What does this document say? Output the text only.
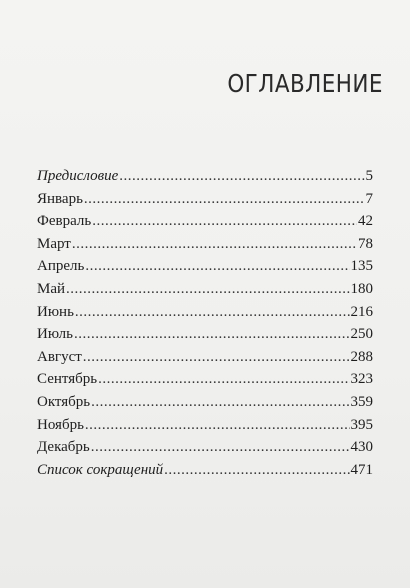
ОГЛАВЛЕНИЕ
Предисловие .....	5
Январь .....	7
Февраль .....	42
Март .....	78
Апрель .....	135
Май .....	180
Июнь .....	216
Июль .....	250
Август .....	288
Сентябрь .....	323
Октябрь .....	359
Ноябрь .....	395
Декабрь .....	430
Список сокращений .....	471
